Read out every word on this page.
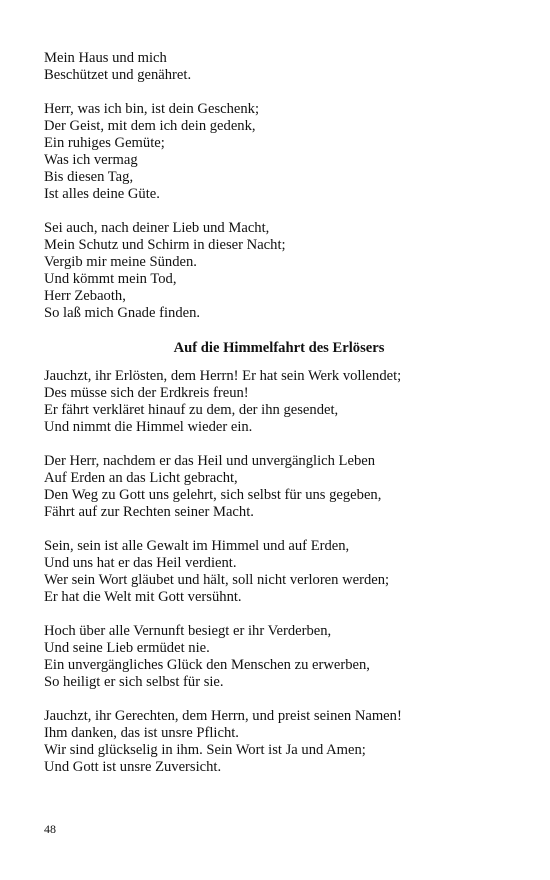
Mein Haus und mich
Beschützet und genähret.
Herr, was ich bin, ist dein Geschenk;
Der Geist, mit dem ich dein gedenk,
Ein ruhiges Gemüte;
Was ich vermag
Bis diesen Tag,
Ist alles deine Güte.
Sei auch, nach deiner Lieb und Macht,
Mein Schutz und Schirm in dieser Nacht;
Vergib mir meine Sünden.
Und kömmt mein Tod,
Herr Zebaoth,
So laß mich Gnade finden.
Auf die Himmelfahrt des Erlösers
Jauchzt, ihr Erlösten, dem Herrn! Er hat sein Werk vollendet;
Des müsse sich der Erdkreis freun!
Er fährt verkläret hinauf zu dem, der ihn gesendet,
Und nimmt die Himmel wieder ein.
Der Herr, nachdem er das Heil und unvergänglich Leben
Auf Erden an das Licht gebracht,
Den Weg zu Gott uns gelehrt, sich selbst für uns gegeben,
Fährt auf zur Rechten seiner Macht.
Sein, sein ist alle Gewalt im Himmel und auf Erden,
Und uns hat er das Heil verdient.
Wer sein Wort gläubet und hält, soll nicht verloren werden;
Er hat die Welt mit Gott versühnt.
Hoch über alle Vernunft besiegt er ihr Verderben,
Und seine Lieb ermüdet nie.
Ein unvergängliches Glück den Menschen zu erwerben,
So heiligt er sich selbst für sie.
Jauchzt, ihr Gerechten, dem Herrn, und preist seinen Namen!
Ihm danken, das ist unsre Pflicht.
Wir sind glückselig in ihm. Sein Wort ist Ja und Amen;
Und Gott ist unsre Zuversicht.
48
